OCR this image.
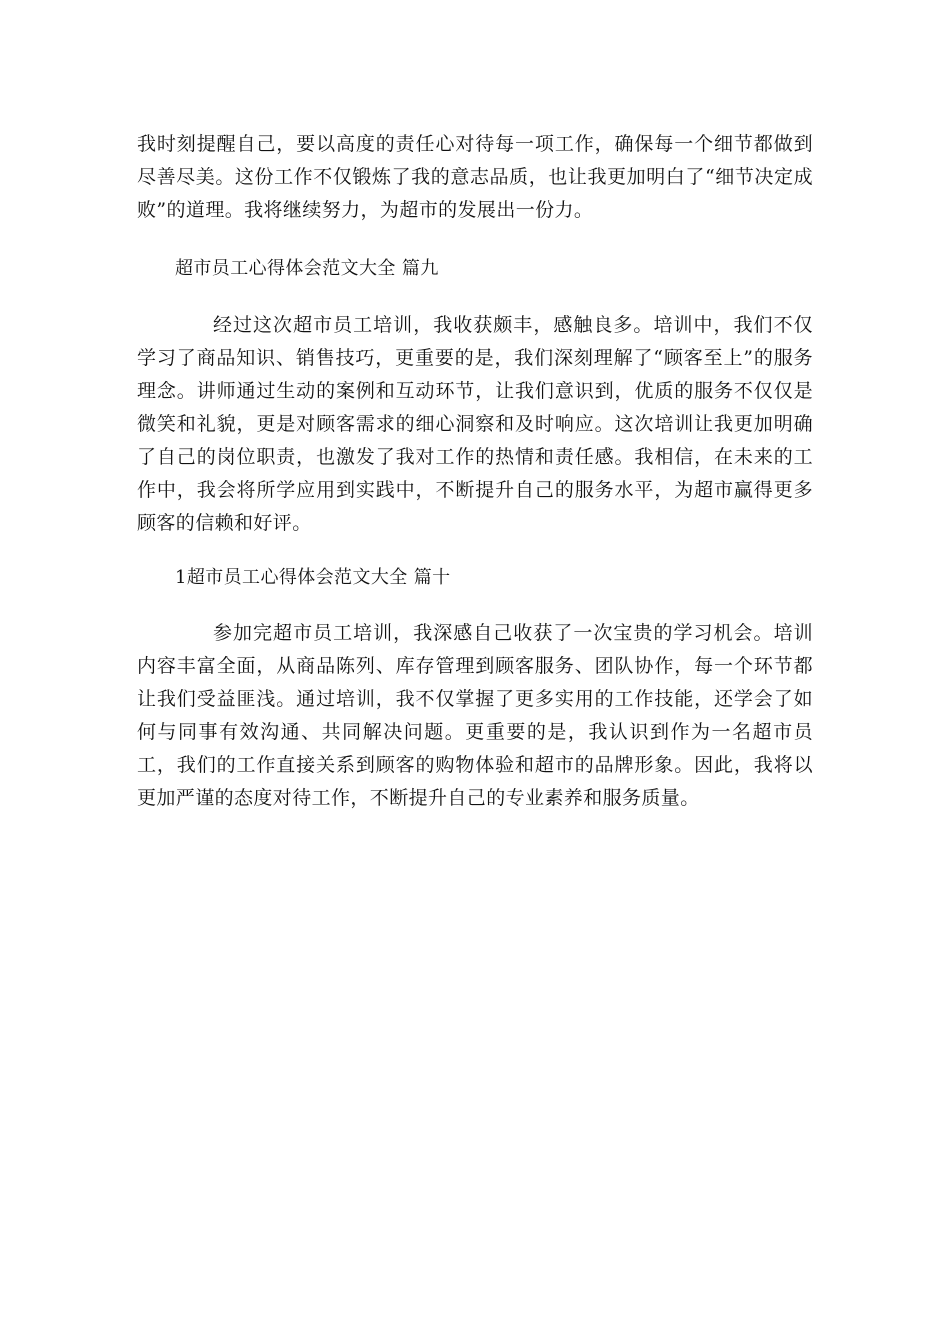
我时刻提醒自己，要以高度的责任心对待每一项工作，确保每一个细节都做到尽善尽美。这份工作不仅锻炼了我的意志品质，也让我更加明白了“细节决定成败”的道理。我将继续努力，为超市的发展出一份力。

超市员工心得体会范文大全 篇九

经过这次超市员工培训，我收获颇丰，感触良多。培训中，我们不仅学习了商品知识、销售技巧，更重要的是，我们深刻理解了“顾客至上”的服务理念。讲师通过生动的案例和互动环节，让我们意识到，优质的服务不仅仅是微笑和礼貌，更是对顾客需求的细心洞察和及时响应。这次培训让我更加明确了自己的岗位职责，也激发了我对工作的热情和责任感。我相信，在未来的工作中，我会将所学应用到实践中，不断提升自己的服务水平，为超市赢得更多顾客的信赖和好评。

1超市员工心得体会范文大全 篇十

参加完超市员工培训，我深感自己收获了一次宝贵的学习机会。培训内容丰富全面，从商品陈列、库存管理到顾客服务、团队协作，每一个环节都让我们受益匪浅。通过培训，我不仅掌握了更多实用的工作技能，还学会了如何与同事有效沟通、共同解决问题。更重要的是，我认识到作为一名超市员工，我们的工作直接关系到顾客的购物体验和超市的品牌形象。因此，我将以更加严谨的态度对待工作，不断提升自己的专业素养和服务质量。
